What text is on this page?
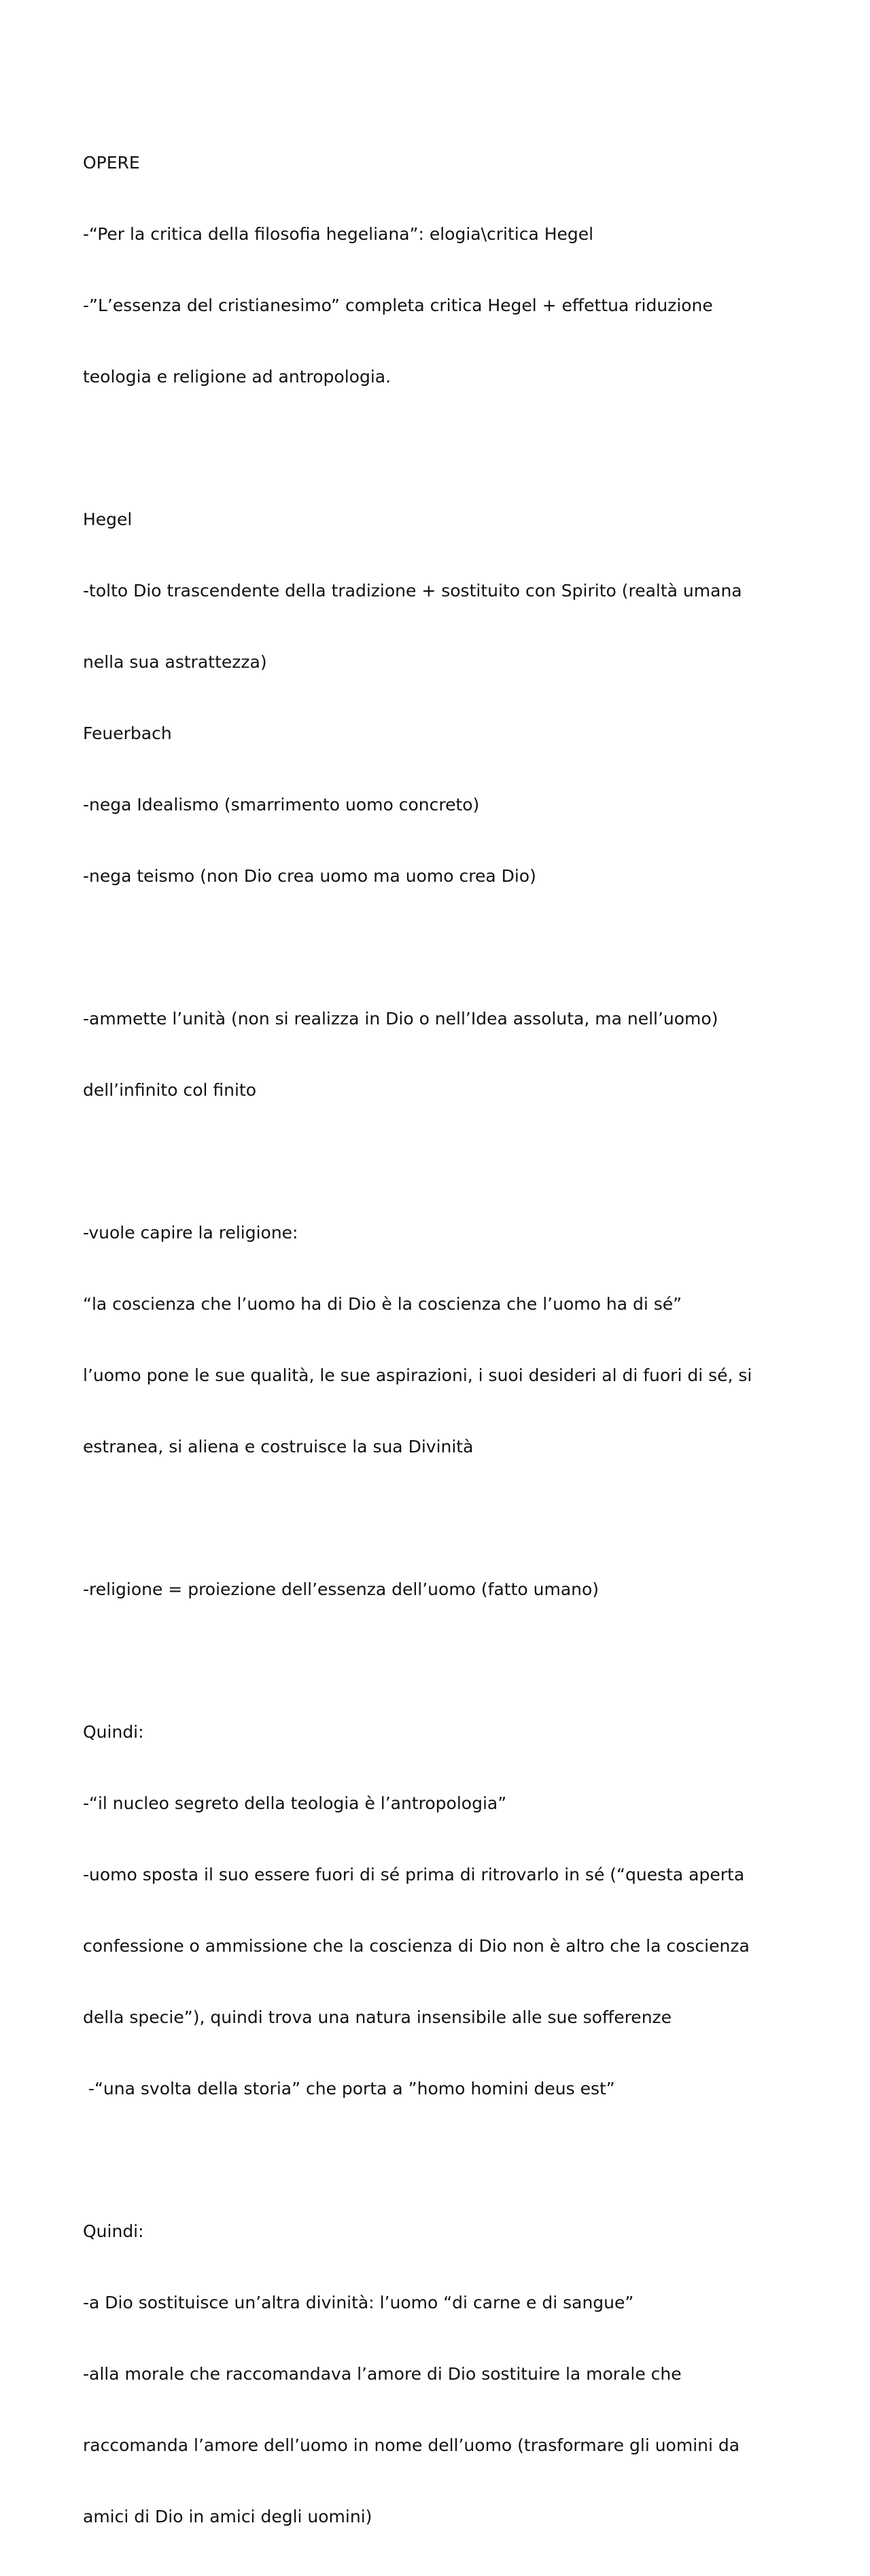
OPERE

-“Per la critica della filosofia hegeliana”: elogia\critica Hegel

-”L’essenza del cristianesimo” completa critica Hegel + effettua riduzione

teologia e religione ad antropologia.

Hegel

-tolto Dio trascendente della tradizione + sostituito con Spirito (realtà umana

nella sua astrattezza)

Feuerbach

-nega Idealismo (smarrimento uomo concreto)

-nega teismo (non Dio crea uomo ma uomo crea Dio)

-ammette l’unità (non si realizza in Dio o nell’Idea assoluta, ma nell’uomo)

dell’infinito col finito

-vuole capire la religione:

“la coscienza che l’uomo ha di Dio è la coscienza che l’uomo ha di sé”

l’uomo pone le sue qualità, le sue aspirazioni, i suoi desideri al di fuori di sé, si

estranea, si aliena e costruisce la sua Divinità

-religione = proiezione dell’essenza dell’uomo (fatto umano)

Quindi:

-“il nucleo segreto della teologia è l’antropologia”

-uomo sposta il suo essere fuori di sé prima di ritrovarlo in sé (“questa aperta

confessione o ammissione che la coscienza di Dio non è altro che la coscienza

della specie”), quindi trova una natura insensibile alle sue sofferenze

-“una svolta della storia” che porta a ”homo homini deus est”

Quindi:

-a Dio sostituisce un’altra divinità: l’uomo “di carne e di sangue”

-alla morale che raccomandava l’amore di Dio sostituire la morale che

raccomanda l’amore dell’uomo in nome dell’uomo (trasformare gli uomini da

amici di Dio in amici degli uomini)
